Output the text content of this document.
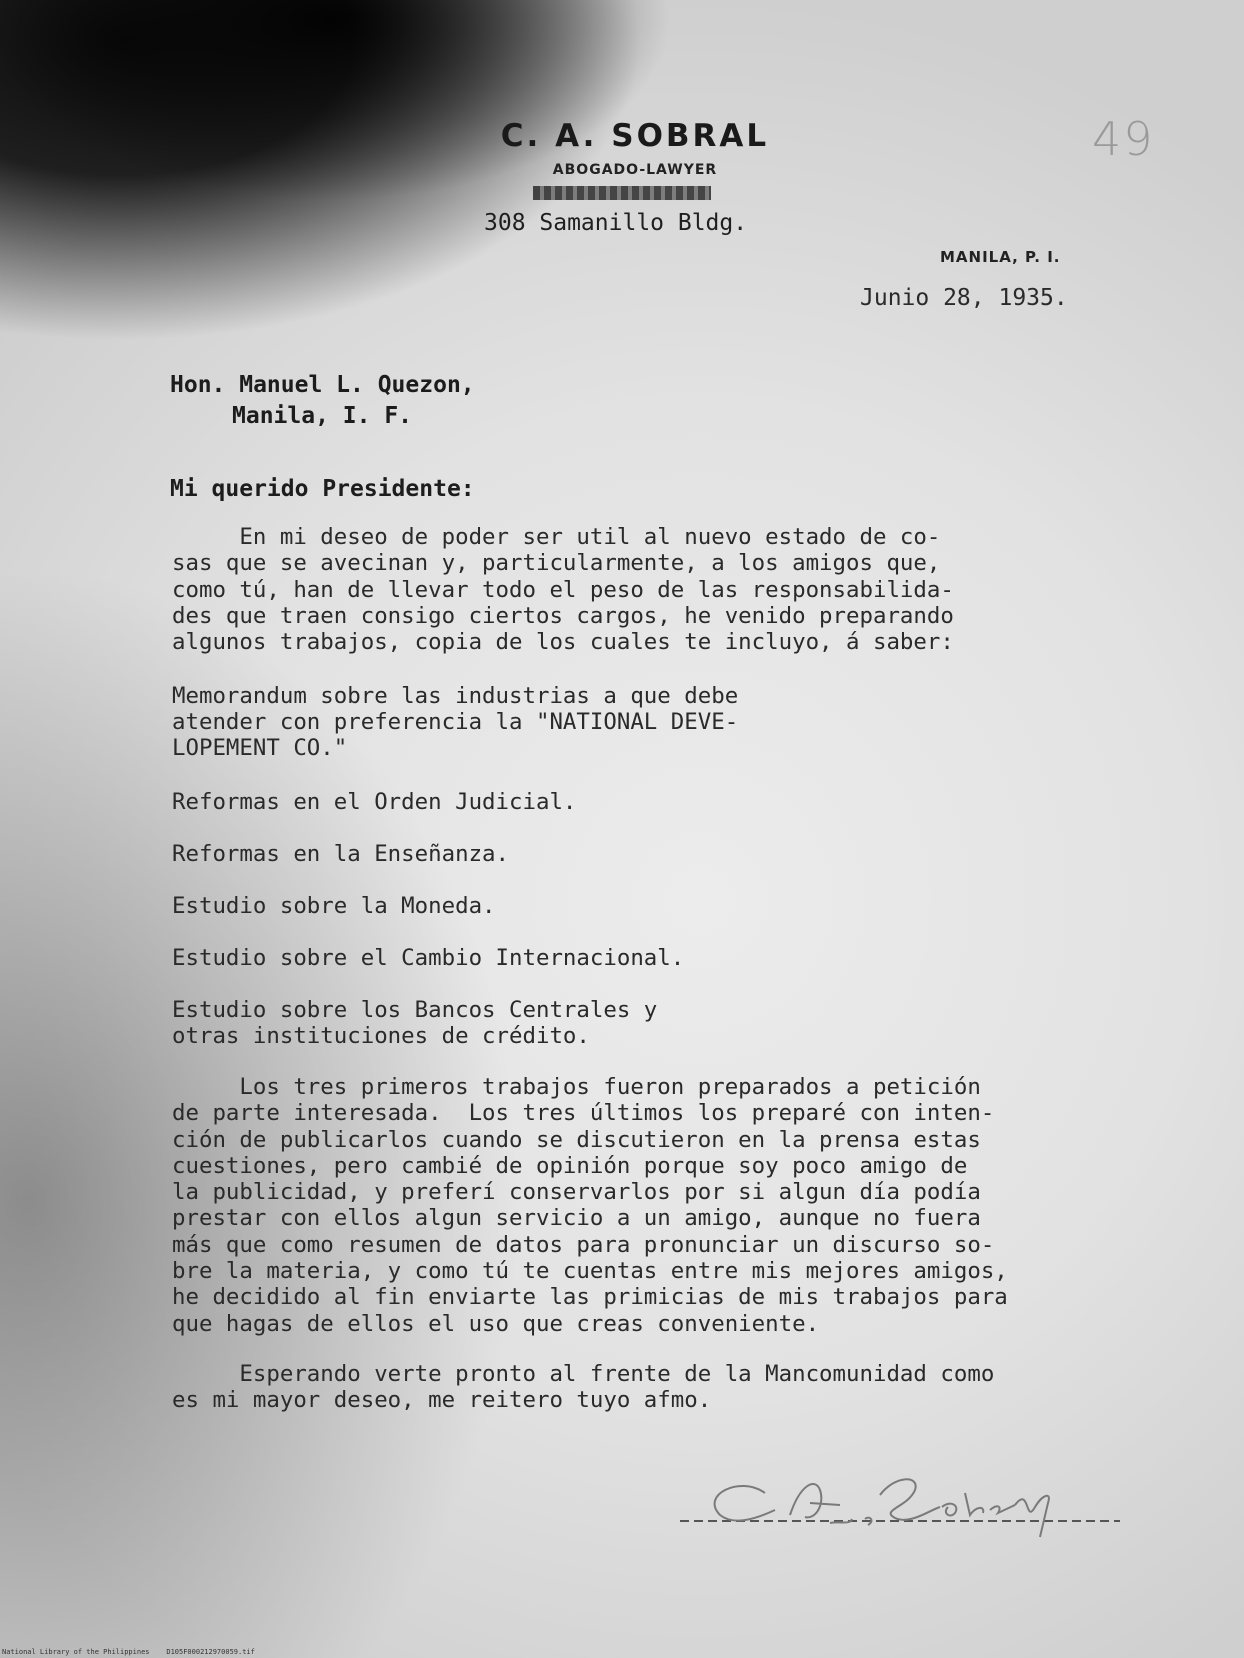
49
C. A. SOBRAL
ABOGADO-LAWYER
308 Samanillo Bldg.
MANILA, P. I.
Junio 28, 1935.
Hon. Manuel L. Quezon,
Manila, I. F.
Mi querido Presidente:
En mi deseo de poder ser util al nuevo estado de co-
sas que se avecinan y, particularmente, a los amigos que,
como tú, han de llevar todo el peso de las responsabilida-
des que traen consigo ciertos cargos, he venido preparando
algunos trabajos, copia de los cuales te incluyo, á saber:
Memorandum sobre las industrias a que debe
atender con preferencia la "NATIONAL DEVE-
LOPEMENT CO."
Reformas en el Orden Judicial.
Reformas en la Enseñanza.
Estudio sobre la Moneda.
Estudio sobre el Cambio Internacional.
Estudio sobre los Bancos Centrales y
otras instituciones de crédito.
Los tres primeros trabajos fueron preparados a petición
de parte interesada.  Los tres últimos los preparé con inten-
ción de publicarlos cuando se discutieron en la prensa estas
cuestiones, pero cambié de opinión porque soy poco amigo de
la publicidad, y preferí conservarlos por si algun día podía
prestar con ellos algun servicio a un amigo, aunque no fuera
más que como resumen de datos para pronunciar un discurso so-
bre la materia, y como tú te cuentas entre mis mejores amigos,
he decidido al fin enviarte las primicias de mis trabajos para
que hagas de ellos el uso que creas conveniente.
Esperando verte pronto al frente de la Mancomunidad como
es mi mayor deseo, me reitero tuyo afmo.
National Library of the Philippines    D105F000212970059.tif
